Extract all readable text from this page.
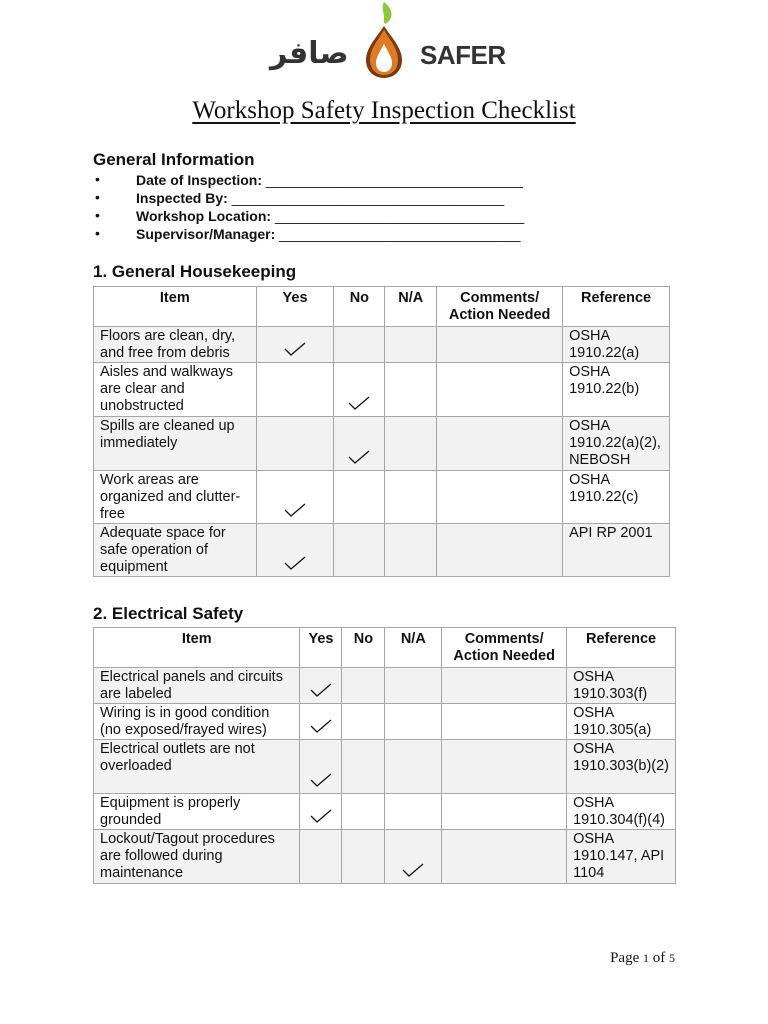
صافر	SAFER
Workshop Safety Inspection Checklist
General Information
•	Date of Inspection: _________________________________
•	Inspected By: ___________________________________
•	Workshop Location: ________________________________
•	Supervisor/Manager: _______________________________
1. General Housekeeping
Item	Yes	No	N/A	Comments/ Action Needed	Reference
Floors are clean, dry, and free from debris					OSHA 1910.22(a)
Aisles and walkways are clear and unobstructed					OSHA 1910.22(b)
Spills are cleaned up immediately					OSHA 1910.22(a)(2), NEBOSH
Work areas are organized and clutter-free					OSHA 1910.22(c)
Adequate space for safe operation of equipment					API RP 2001
2. Electrical Safety
Item	Yes	No	N/A	Comments/ Action Needed	Reference
Electrical panels and circuits are labeled					OSHA 1910.303(f)
Wiring is in good condition (no exposed/frayed wires)					OSHA 1910.305(a)
Electrical outlets are not overloaded					OSHA 1910.303(b)(2)
Equipment is properly grounded					OSHA 1910.304(f)(4)
Lockout/Tagout procedures are followed during maintenance					OSHA 1910.147, API 1104
Page 1 of 5
